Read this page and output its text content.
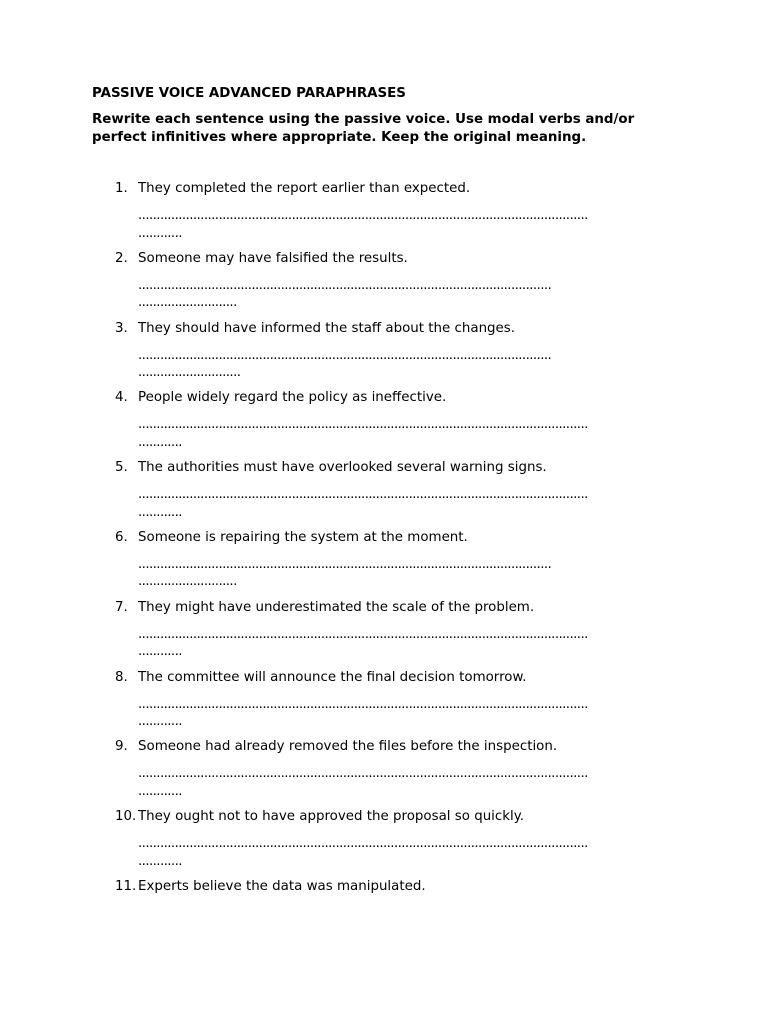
PASSIVE VOICE ADVANCED PARAPHRASES
Rewrite each sentence using the passive voice. Use modal verbs and/or perfect infinitives where appropriate. Keep the original meaning.
1. They completed the report earlier than expected.
...........................................................................................................................
............
2. Someone may have falsified the results.
.................................................................................................................
...........................
3. They should have informed the staff about the changes.
.................................................................................................................
............................
4. People widely regard the policy as ineffective.
...........................................................................................................................
............
5. The authorities must have overlooked several warning signs.
...........................................................................................................................
............
6. Someone is repairing the system at the moment.
.................................................................................................................
...........................
7. They might have underestimated the scale of the problem.
...........................................................................................................................
............
8. The committee will announce the final decision tomorrow.
...........................................................................................................................
............
9. Someone had already removed the files before the inspection.
...........................................................................................................................
............
10. They ought not to have approved the proposal so quickly.
...........................................................................................................................
............
11. Experts believe the data was manipulated.
